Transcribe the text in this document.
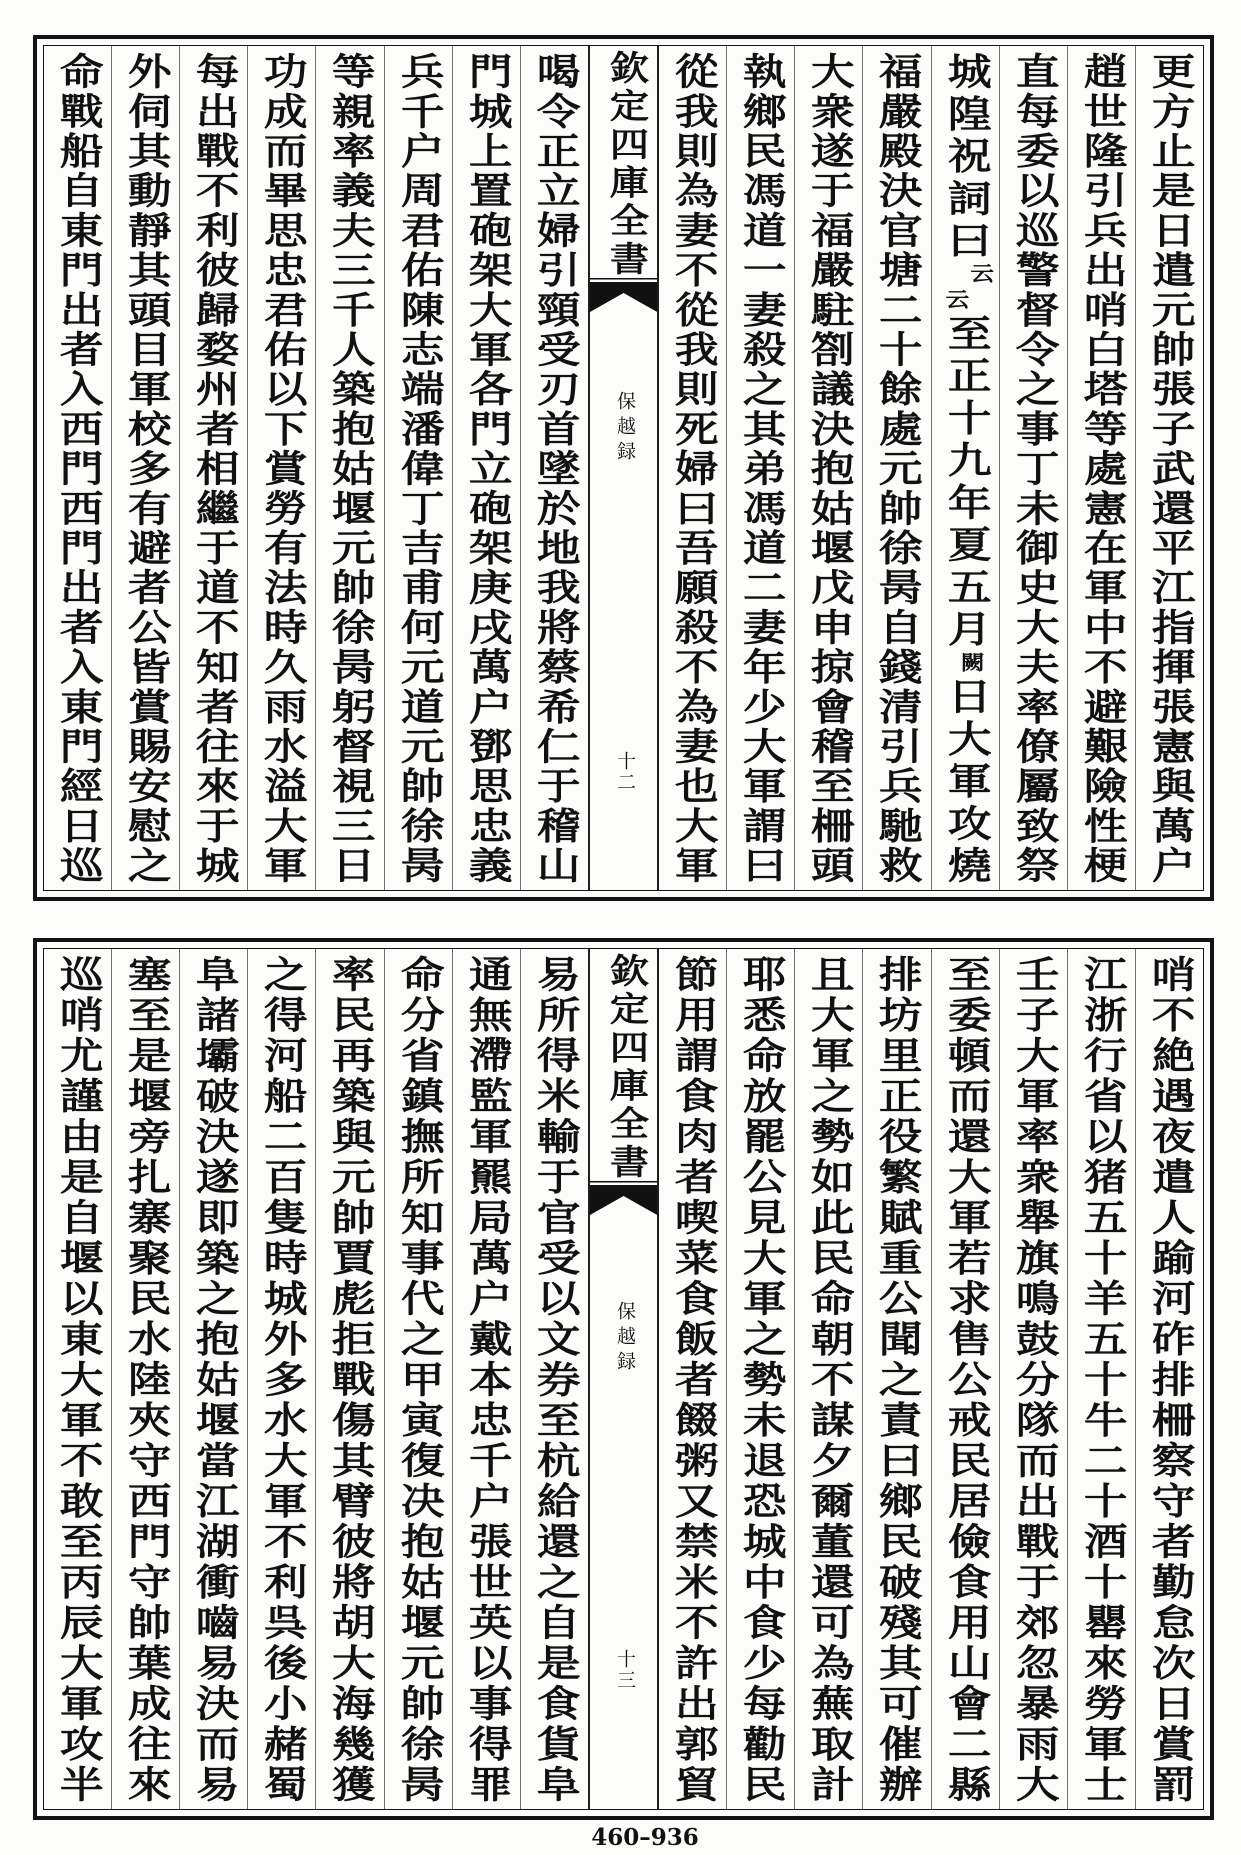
更方止是日遣元帥張子武還平江指揮張憲與萬户
趙世隆引兵出哨白塔等處憲在軍中不避艱險性梗
直每委以巡警督令之事丁未御史大夫率僚屬致祭
城隍祝詞曰云云至正十九年夏五月闕日大軍攻燒
福嚴殿決官塘二十餘處元帥徐昺自錢清引兵馳救
大衆遂于福嚴駐劄議決抱姑堰戊申掠會稽至柵頭
執鄉民馮道一妻殺之其弟馮道二妻年少大軍謂曰
從我則為妻不從我則死婦曰吾願殺不為妻也大軍
欽定四庫全書
保越録
十二
喝令正立婦引頸受刃首墜於地我將蔡希仁于稽山
門城上置砲架大軍各門立砲架庚戌萬户鄧思忠義
兵千户周君佑陳志端潘偉丁吉甫何元道元帥徐昺
等親率義夫三千人築抱姑堰元帥徐昺躬督視三日
功成而畢思忠君佑以下賞勞有法時久雨水溢大軍
每出戰不利彼歸婺州者相繼于道不知者往來于城
外伺其動靜其頭目軍校多有避者公皆賞賜安慰之
命戰船自東門出者入西門西門出者入東門經日巡
哨不絶遇夜遣人踰河砟排柵察守者勤怠次日賞罰
江浙行省以猪五十羊五十牛二十酒十罌來勞軍士
壬子大軍率衆舉旗鳴鼓分隊而出戰于郊忽暴雨大
至委頓而還大軍若求售公戒民居儉食用山會二縣
排坊里正役繁賦重公聞之責曰鄉民破殘其可催辦
且大軍之勢如此民命朝不謀夕爾董還可為蕪取計
耶悉命放罷公見大軍之勢未退恐城中食少每勸民
節用謂食肉者喫菜食飯者餟粥又禁米不許出郭貿
欽定四庫全書
保越録
十三
易所得米輸于官受以文券至杭給還之自是食貨阜
通無滯監軍羆局萬户戴本忠千户張世英以事得罪
命分省鎮撫所知事代之甲寅復决抱姑堰元帥徐昺
率民再築與元帥賈彪拒戰傷其臂彼將胡大海幾獲
之得河船二百隻時城外多水大軍不利呉後小赭蜀
阜諸壩破決遂即築之抱姑堰當江湖衝嚙易決而易
塞至是堰旁扎寨聚民水陸夾守西門守帥葉成往來
巡哨尤謹由是自堰以東大軍不敢至丙辰大軍攻半
460–936
